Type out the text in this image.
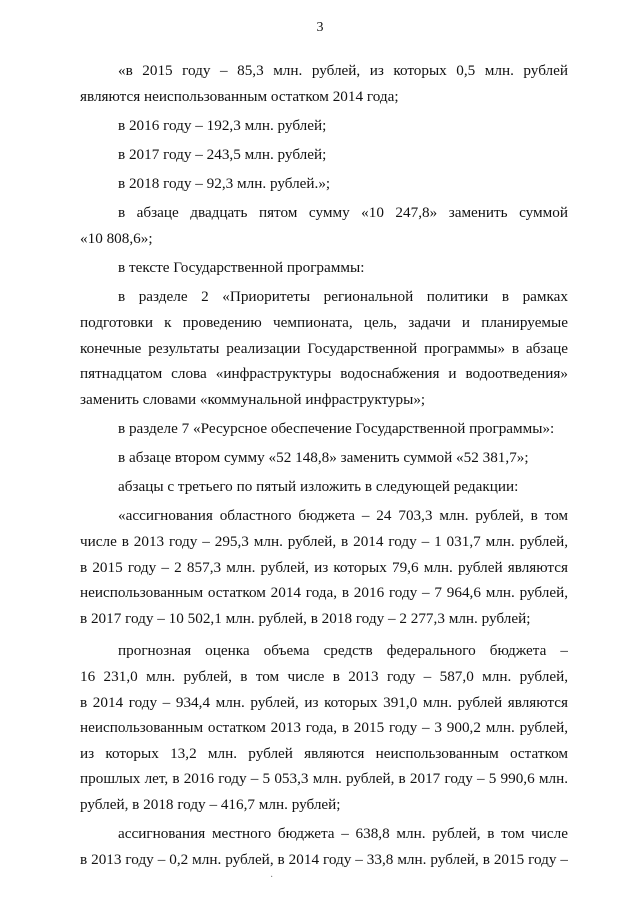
3
«в 2015 году – 85,3 млн. рублей, из которых 0,5 млн. рублей
являются неиспользованным остатком 2014 года;
в 2016 году – 192,3 млн. рублей;
в 2017 году – 243,5 млн. рублей;
в 2018 году – 92,3 млн. рублей.»;
в абзаце двадцать пятом сумму «10 247,8» заменить суммой
«10 808,6»;
в тексте Государственной программы:
в разделе 2 «Приоритеты региональной политики в рамках
подготовки к проведению чемпионата, цель, задачи и планируемые
конечные результаты реализации Государственной программы» в абзаце
пятнадцатом слова «инфраструктуры водоснабжения и водоотведения»
заменить словами «коммунальной инфраструктуры»;
в разделе 7 «Ресурсное обеспечение Государственной программы»:
в абзаце втором сумму «52 148,8» заменить суммой «52 381,7»;
абзацы с третьего по пятый изложить в следующей редакции:
«ассигнования областного бюджета – 24 703,3 млн. рублей, в том
числе в 2013 году – 295,3 млн. рублей, в 2014 году – 1 031,7 млн. рублей,
в 2015 году – 2 857,3 млн. рублей, из которых 79,6 млн. рублей являются
неиспользованным остатком 2014 года, в 2016 году – 7 964,6 млн. рублей,
в 2017 году – 10 502,1 млн. рублей, в 2018 году – 2 277,3 млн. рублей;
прогнозная оценка объема средств федерального бюджета –
16 231,0 млн. рублей, в том числе в 2013 году – 587,0 млн. рублей,
в 2014 году – 934,4 млн. рублей, из которых 391,0 млн. рублей являются
неиспользованным остатком 2013 года, в 2015 году – 3 900,2 млн. рублей,
из которых 13,2 млн. рублей являются неиспользованным остатком
прошлых лет, в 2016 году – 5 053,3 млн. рублей, в 2017 году – 5 990,6 млн.
рублей, в 2018 году – 416,7 млн. рублей;
ассигнования местного бюджета – 638,8 млн. рублей, в том числе
в 2013 году – 0,2 млн. рублей, в 2014 году – 33,8 млн. рублей, в 2015 году –
·
